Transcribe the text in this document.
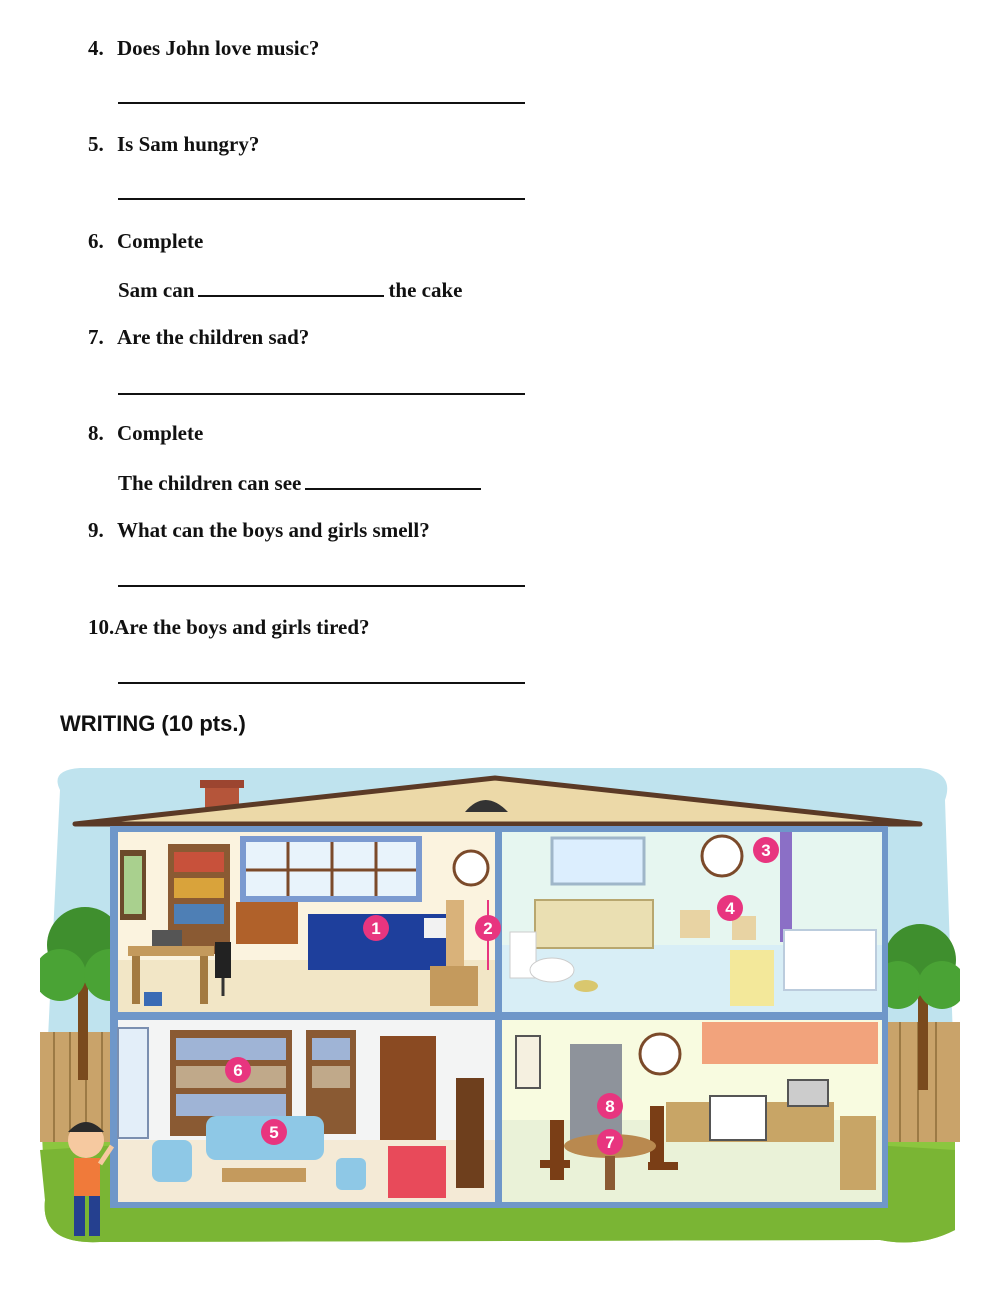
4. Does John love music?
5. Is Sam hungry?
6. Complete
Sam can	the cake
7. Are the children sad?
8. Complete
The children can see
9. What can the boys and girls smell?
10.Are the boys and girls tired?
WRITING (10 pts.)
1	2
3
4
5
6
7
8
